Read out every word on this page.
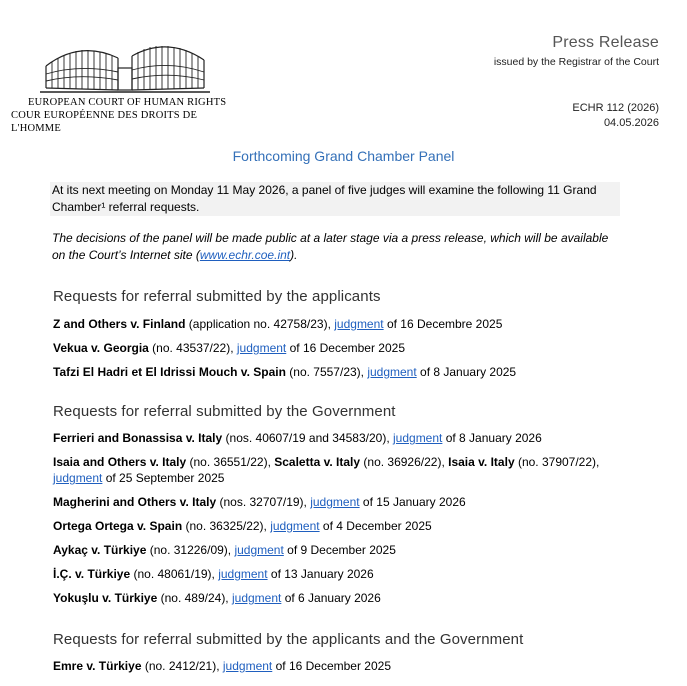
EUROPEAN COURT OF HUMAN RIGHTS
COUR EUROPÉENNE DES DROITS DE L'HOMME
Press Release
issued by the Registrar of the Court
ECHR 112 (2026)
04.05.2026
Forthcoming Grand Chamber Panel
At its next meeting on Monday 11 May 2026, a panel of five judges will examine the following 11 Grand Chamber¹ referral requests.
The decisions of the panel will be made public at a later stage via a press release, which will be available on the Court’s Internet site (www.echr.coe.int).
Requests for referral submitted by the applicants
Z and Others v. Finland (application no. 42758/23), judgment of 16 Decembre 2025
Vekua v. Georgia (no. 43537/22), judgment of 16 December 2025
Tafzi El Hadri et El Idrissi Mouch v. Spain (no. 7557/23), judgment of 8 January 2025
Requests for referral submitted by the Government
Ferrieri and Bonassisa v. Italy (nos. 40607/19 and 34583/20), judgment of 8 January 2026
Isaia and Others v. Italy (no. 36551/22), Scaletta v. Italy (no. 36926/22), Isaia v. Italy (no. 37907/22), judgment of 25 September 2025
Magherini and Others v. Italy (nos. 32707/19), judgment of 15 January 2026
Ortega Ortega v. Spain (no. 36325/22), judgment of 4 December 2025
Aykaç v. Türkiye (no. 31226/09), judgment of 9 December 2025
İ.Ç. v. Türkiye (no. 48061/19), judgment of 13 January 2026
Yokuşlu v. Türkiye (no. 489/24), judgment of 6 January 2026
Requests for referral submitted by the applicants and the Government
Emre v. Türkiye (no. 2412/21), judgment of 16 December 2025
